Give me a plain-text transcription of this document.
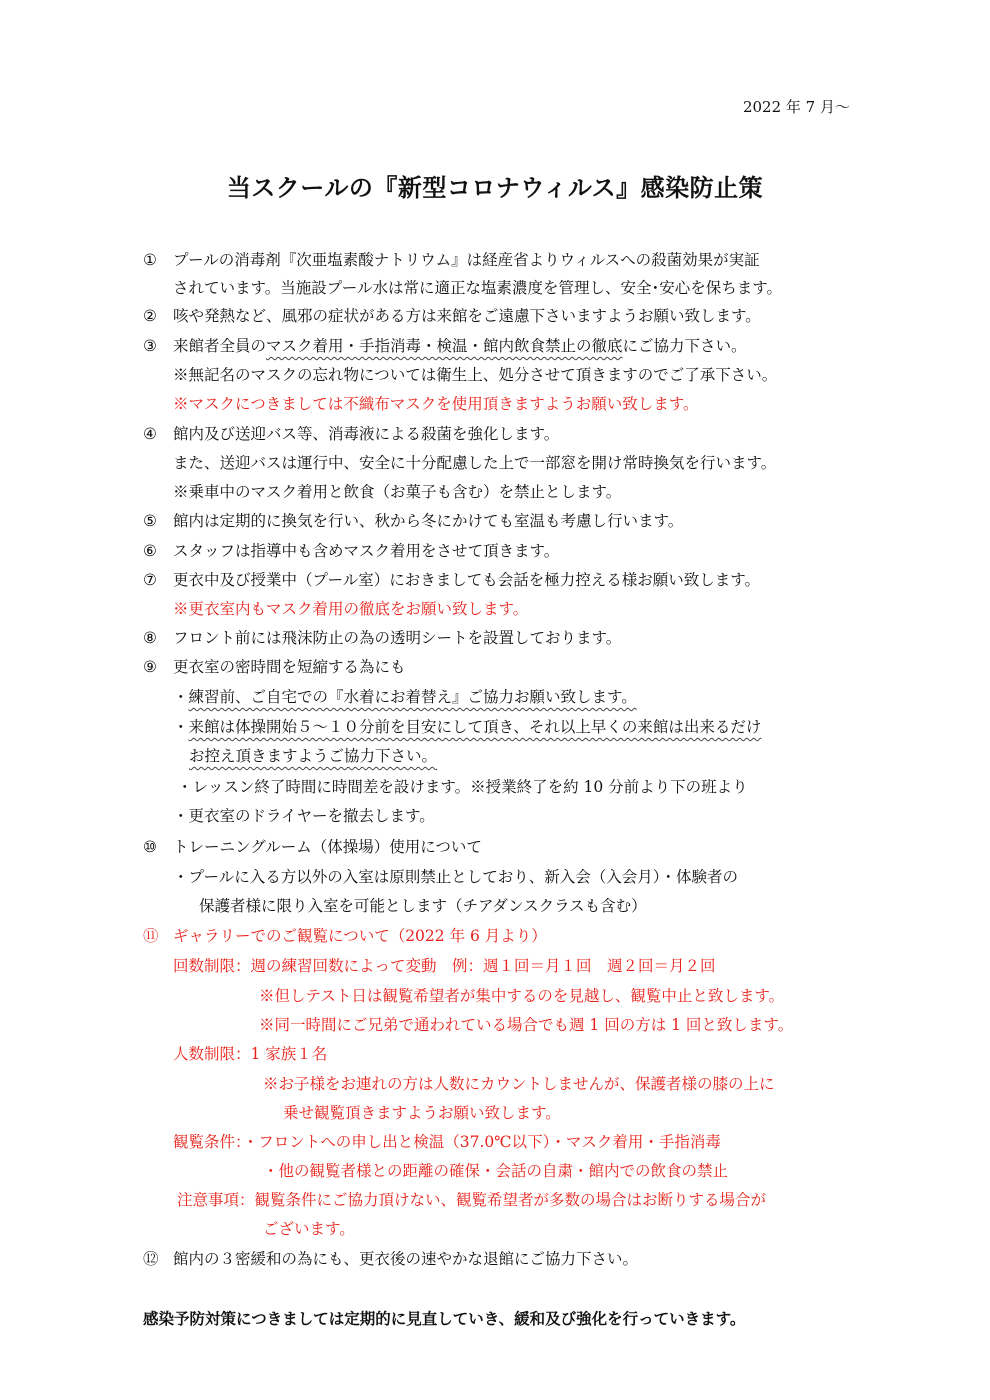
2022 年 7 月～
当スクールの『新型コロナウィルス』感染防止策
① プールの消毒剤『次亜塩素酸ナトリウム』は経産省よりウィルスへの殺菌効果が実証
されています。当施設プール水は常に適正な塩素濃度を管理し、安全･安心を保ちます。
② 咳や発熱など、風邪の症状がある方は来館をご遠慮下さいますようお願い致します。
③ 来館者全員のマスク着用・手指消毒・検温・館内飲食禁止の徹底にご協力下さい。
※無記名のマスクの忘れ物については衛生上、処分させて頂きますのでご了承下さい。
※マスクにつきましては不織布マスクを使用頂きますようお願い致します。
④ 館内及び送迎バス等、消毒液による殺菌を強化します。
また、送迎バスは運行中、安全に十分配慮した上で一部窓を開け常時換気を行います。
※乗車中のマスク着用と飲食（お菓子も含む）を禁止とします。
⑤ 館内は定期的に換気を行い、秋から冬にかけても室温も考慮し行います。
⑥ スタッフは指導中も含めマスク着用をさせて頂きます。
⑦ 更衣中及び授業中（プール室）におきましても会話を極力控える様お願い致します。
※更衣室内もマスク着用の徹底をお願い致します。
⑧ フロント前には飛沫防止の為の透明シートを設置しております。
⑨ 更衣室の密時間を短縮する為にも
・練習前、ご自宅での『水着にお着替え』ご協力お願い致します。
・来館は体操開始５～１０分前を目安にして頂き、それ以上早くの来館は出来るだけ
お控え頂きますようご協力下さい。
・レッスン終了時間に時間差を設けます。※授業終了を約 10 分前より下の班より
・更衣室のドライヤーを撤去します。
⑩ トレーニングルーム（体操場）使用について
・プールに入る方以外の入室は原則禁止としており、新入会（入会月）・体験者の
保護者様に限り入室を可能とします（チアダンスクラスも含む）
⑪ ギャラリーでのご観覧について（2022 年 6 月より）
回数制限：週の練習回数によって変動　例：週１回＝月１回　週２回＝月２回
※但しテスト日は観覧希望者が集中するのを見越し、観覧中止と致します。
※同一時間にご兄弟で通われている場合でも週 1 回の方は 1 回と致します。
人数制限：1 家族１名
※お子様をお連れの方は人数にカウントしませんが、保護者様の膝の上に
乗せ観覧頂きますようお願い致します。
観覧条件：・フロントへの申し出と検温（37.0℃以下）・マスク着用・手指消毒
・他の観覧者様との距離の確保・会話の自粛・館内での飲食の禁止
注意事項：観覧条件にご協力頂けない、観覧希望者が多数の場合はお断りする場合が
ございます。
⑫ 館内の３密緩和の為にも、更衣後の速やかな退館にご協力下さい。
感染予防対策につきましては定期的に見直していき、緩和及び強化を行っていきます。
